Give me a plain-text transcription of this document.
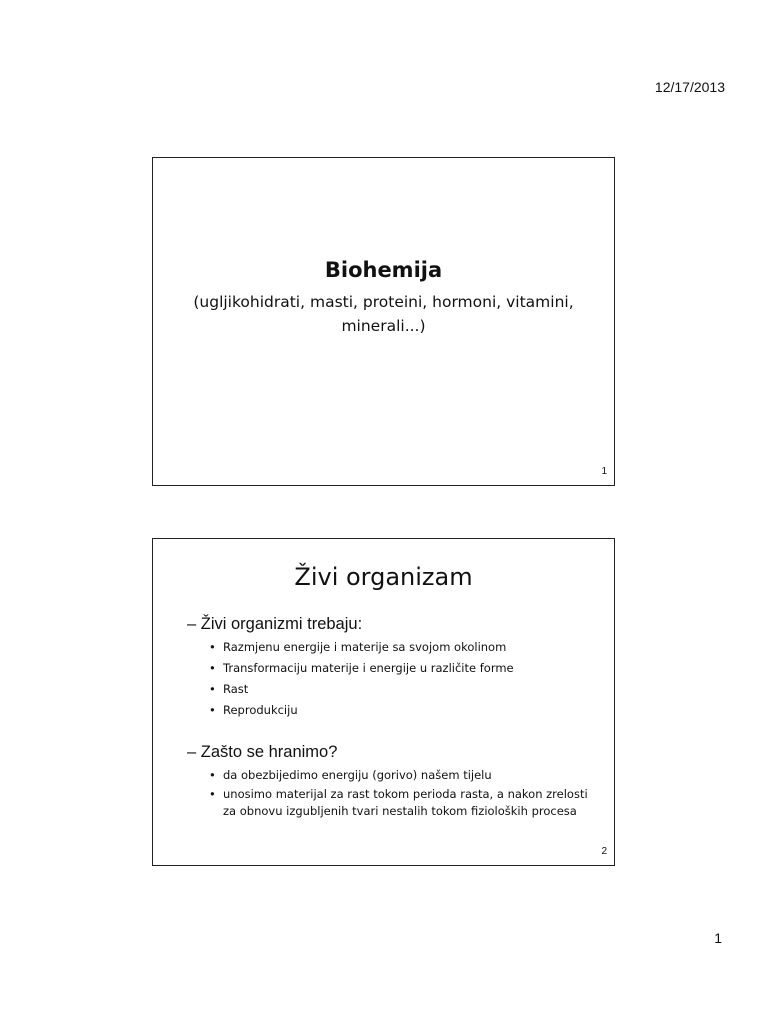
12/17/2013
Biohemija
(ugljikohidrati, masti, proteini, hormoni, vitamini, minerali...)
1
Živi organizam
– Živi organizmi trebaju:
• Razmjenu energije i materije sa svojom okolinom
• Transformaciju materije i energije u različite forme
• Rast
• Reprodukciju
– Zašto se hranimo?
• da obezbijedimo energiju (gorivo) našem tijelu
• unosimo materijal za rast tokom perioda rasta, a nakon zrelosti za obnovu izgubljenih tvari nestalih tokom fizioloških procesa
2
1
